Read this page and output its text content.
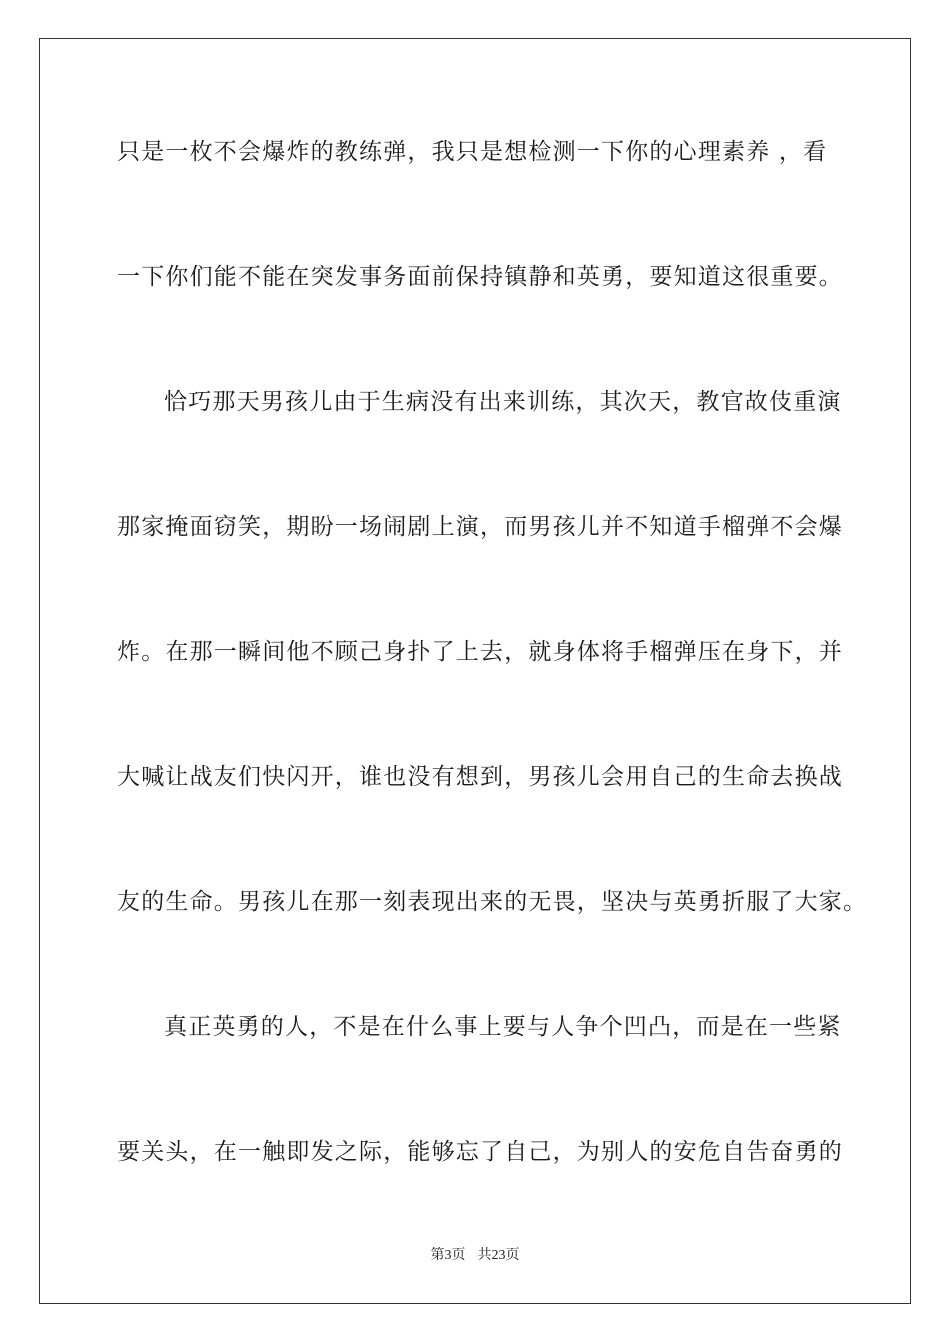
只是一枚不会爆炸的教练弹，我只是想检测一下你的心理素养 ，看
一下你们能不能在突发事务面前保持镇静和英勇，要知道这很重要。
恰巧那天男孩儿由于生病没有出来训练，其次天，教官故伎重演
那家掩面窃笑，期盼一场闹剧上演，而男孩儿并不知道手榴弹不会爆
炸。在那一瞬间他不顾己身扑了上去，就身体将手榴弹压在身下，并
大喊让战友们快闪开，谁也没有想到，男孩儿会用自己的生命去换战
友的生命。男孩儿在那一刻表现出来的无畏，坚决与英勇折服了大家。
真正英勇的人，不是在什么事上要与人争个凹凸，而是在一些紧
要关头，在一触即发之际，能够忘了自己，为别人的安危自告奋勇的
第3页 共23页
